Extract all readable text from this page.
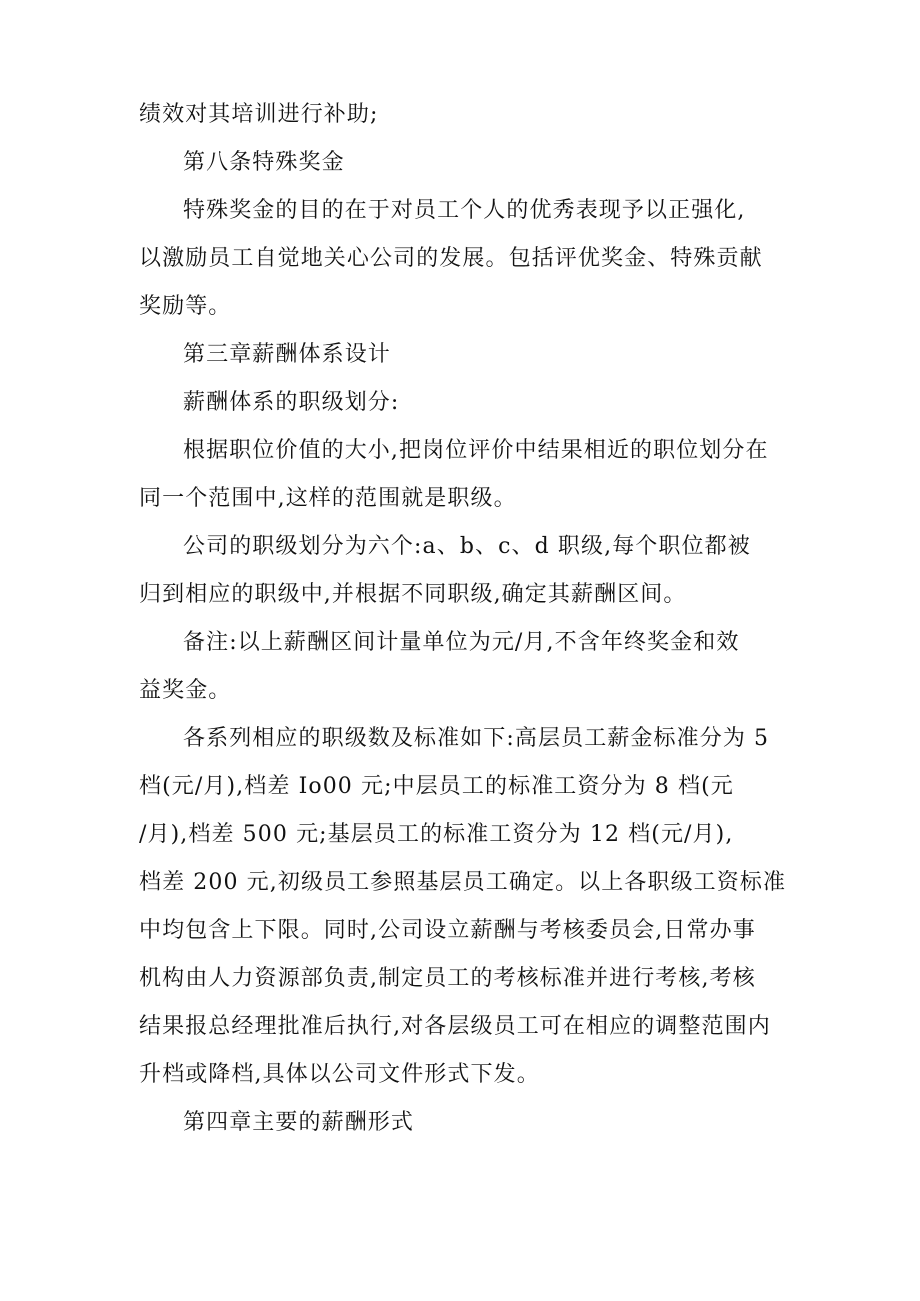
绩效对其培训进行补助;

第八条特殊奖金

特殊奖金的目的在于对员工个人的优秀表现予以正强化,
以激励员工自觉地关心公司的发展。包括评优奖金、特殊贡献
奖励等。

第三章薪酬体系设计

薪酬体系的职级划分:

根据职位价值的大小,把岗位评价中结果相近的职位划分在
同一个范围中,这样的范围就是职级。

公司的职级划分为六个:a、b、c、d 职级,每个职位都被
归到相应的职级中,并根据不同职级,确定其薪酬区间。

备注:以上薪酬区间计量单位为元/月,不含年终奖金和效
益奖金。

各系列相应的职级数及标准如下:高层员工薪金标准分为 5
档(元/月),档差 Io00 元;中层员工的标准工资分为 8 档(元
/月),档差 500 元;基层员工的标准工资分为 12 档(元/月),
档差 200 元,初级员工参照基层员工确定。以上各职级工资标准
中均包含上下限。同时,公司设立薪酬与考核委员会,日常办事
机构由人力资源部负责,制定员工的考核标准并进行考核,考核
结果报总经理批准后执行,对各层级员工可在相应的调整范围内
升档或降档,具体以公司文件形式下发。

第四章主要的薪酬形式
